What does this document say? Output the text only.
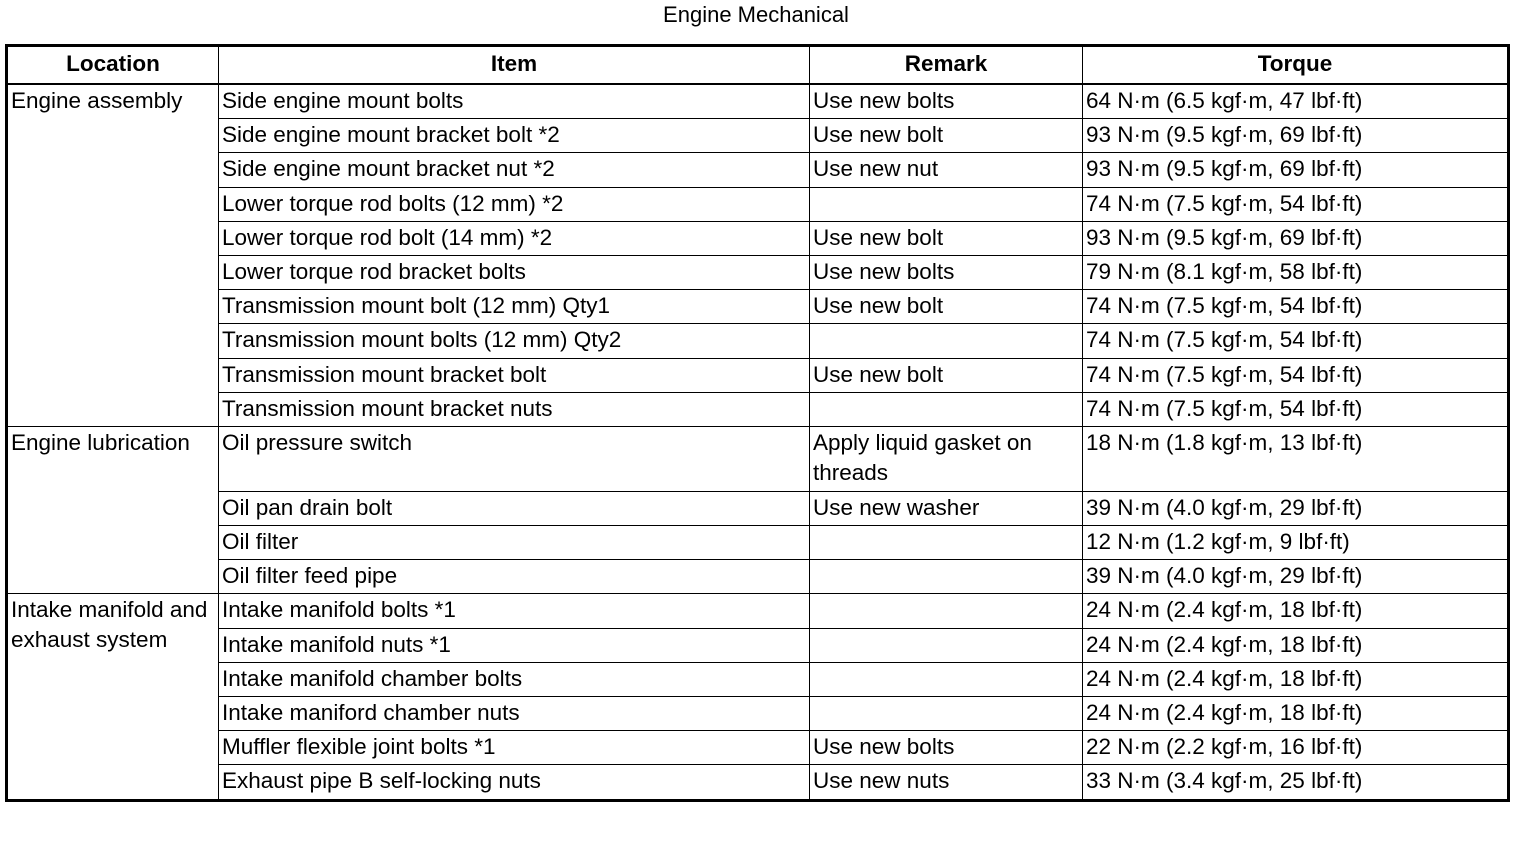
Engine Mechanical
Location	Item	Remark	Torque
Engine assembly	Side engine mount bolts	Use new bolts	64 N·m (6.5 kgf·m, 47 lbf·ft)
	Side engine mount bracket bolt *2	Use new bolt	93 N·m (9.5 kgf·m, 69 lbf·ft)
	Side engine mount bracket nut *2	Use new nut	93 N·m (9.5 kgf·m, 69 lbf·ft)
	Lower torque rod bolts (12 mm) *2		74 N·m (7.5 kgf·m, 54 lbf·ft)
	Lower torque rod bolt (14 mm) *2	Use new bolt	93 N·m (9.5 kgf·m, 69 lbf·ft)
	Lower torque rod bracket bolts	Use new bolts	79 N·m (8.1 kgf·m, 58 lbf·ft)
	Transmission mount bolt (12 mm) Qty1	Use new bolt	74 N·m (7.5 kgf·m, 54 lbf·ft)
	Transmission mount bolts (12 mm) Qty2		74 N·m (7.5 kgf·m, 54 lbf·ft)
	Transmission mount bracket bolt	Use new bolt	74 N·m (7.5 kgf·m, 54 lbf·ft)
	Transmission mount bracket nuts		74 N·m (7.5 kgf·m, 54 lbf·ft)
Engine lubrication	Oil pressure switch	Apply liquid gasket on threads	18 N·m (1.8 kgf·m, 13 lbf·ft)
	Oil pan drain bolt	Use new washer	39 N·m (4.0 kgf·m, 29 lbf·ft)
	Oil filter		12 N·m (1.2 kgf·m, 9 lbf·ft)
	Oil filter feed pipe		39 N·m (4.0 kgf·m, 29 lbf·ft)
Intake manifold and exhaust system	Intake manifold bolts *1		24 N·m (2.4 kgf·m, 18 lbf·ft)
	Intake manifold nuts *1		24 N·m (2.4 kgf·m, 18 lbf·ft)
	Intake manifold chamber bolts		24 N·m (2.4 kgf·m, 18 lbf·ft)
	Intake maniford chamber nuts		24 N·m (2.4 kgf·m, 18 lbf·ft)
	Muffler flexible joint bolts *1	Use new bolts	22 N·m (2.2 kgf·m, 16 lbf·ft)
	Exhaust pipe B self-locking nuts	Use new nuts	33 N·m (3.4 kgf·m, 25 lbf·ft)
